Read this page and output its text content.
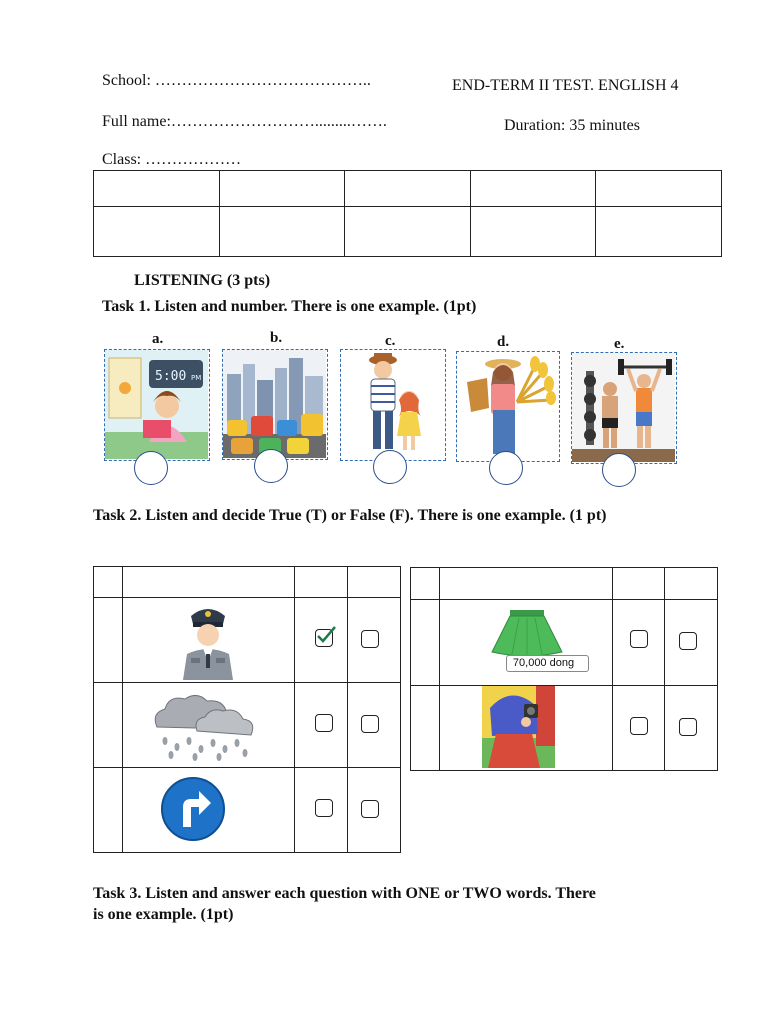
School: …………………………………..	END-TERM II TEST. ENGLISH 4
Full name:……………………….........…….	Duration: 35 minutes
Class: ………………

LISTENING (3 pts)
Task 1. Listen and number. There is one example. (1pt)
a.	b.	c.	d.	e.
5:00 PM
Task 2. Listen and decide True (T) or False (F). There is one example. (1 pt)

	70,000 dong		

Task 3. Listen and answer each question with ONE or TWO words. There
is one example. (1pt)
